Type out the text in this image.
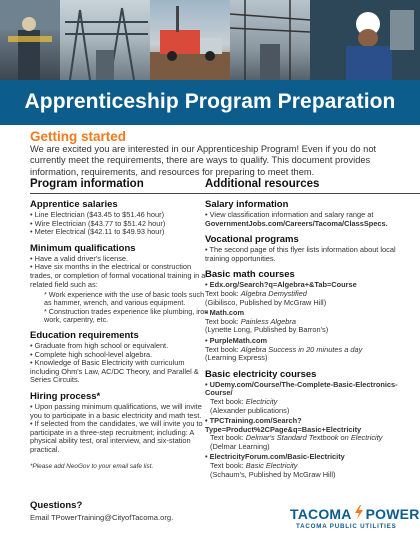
Apprenticeship Program Preparation
Getting started
We are excited you are interested in our Apprenticeship Program! Even if you do not currently meet the requirements, there are ways to qualify. This document provides information, requirements, and resources for preparing to meet them.
Program information
Apprentice salaries
• Line Electrician ($43.45 to $51.46 hour)
• Wire Electrician ($43.77 to $51.42 hour)
• Meter Electrical ($42.11 to $49.93 hour)
Minimum qualifications
• Have a valid driver's license.
• Have six months in the electrical or construction trades, or completion of formal vocational training in a related field such as:
* Work experience with the use of basic tools such as hammer, wrench, and various equipment.
* Construction trades experience like plumbing, iron work, carpentry, etc.
Education requirements
• Graduate from high school or equivalent.
• Complete high school-level algebra.
• Knowledge of Basic Electricity with curriculum including Ohm's Law, AC/DC Theory, and Parallel & Series Circuits.
Hiring process*
• Upon passing minimum qualifications, we will invite you to participate in a basic electricity and math test.
• If selected from the candidates, we will invite you to participate in a three-step recruitment; including: A physical ability test, oral interview, and six-station practical.
*Please add NeoGov to your email safe list.
Additional resources
Salary information
• View classification information and salary range at
GovernmentJobs.com/Careers/Tacoma/ClassSpecs.
Vocational programs
• The second page of this flyer lists information about local training opportunities.
Basic math courses
• Edx.org/Search?q=Algebra+&Tab=Course
Text book: Algebra Demystified
(Gibilisco, Published by McGraw Hill)
• Math.com
Text book: Painless Algebra
(Lynette Long, Published by Barron's)
• PurpleMath.com
Text book: Algebra Success in 20 minutes a day
(Learning Express)
Basic electricity courses
• UDemy.com/Course/The-Complete-Basic-Electronics-Course/
Text book: Electricity
(Alexander publications)
• TPCTraining.com/Search?Type=Product%2CPage&q=Basic+Electricity
Text book: Delmar's Standard Textbook on Electricity
(Delmar Learning)
• ElectricityForum.com/Basic-Electricity
Text book: Basic Electricity
(Schaum's, Published by McGraw Hill)
Questions?
Email TPowerTraining@CityofTacoma.org.	TACOMA POWER
TACOMA PUBLIC UTILITIES
